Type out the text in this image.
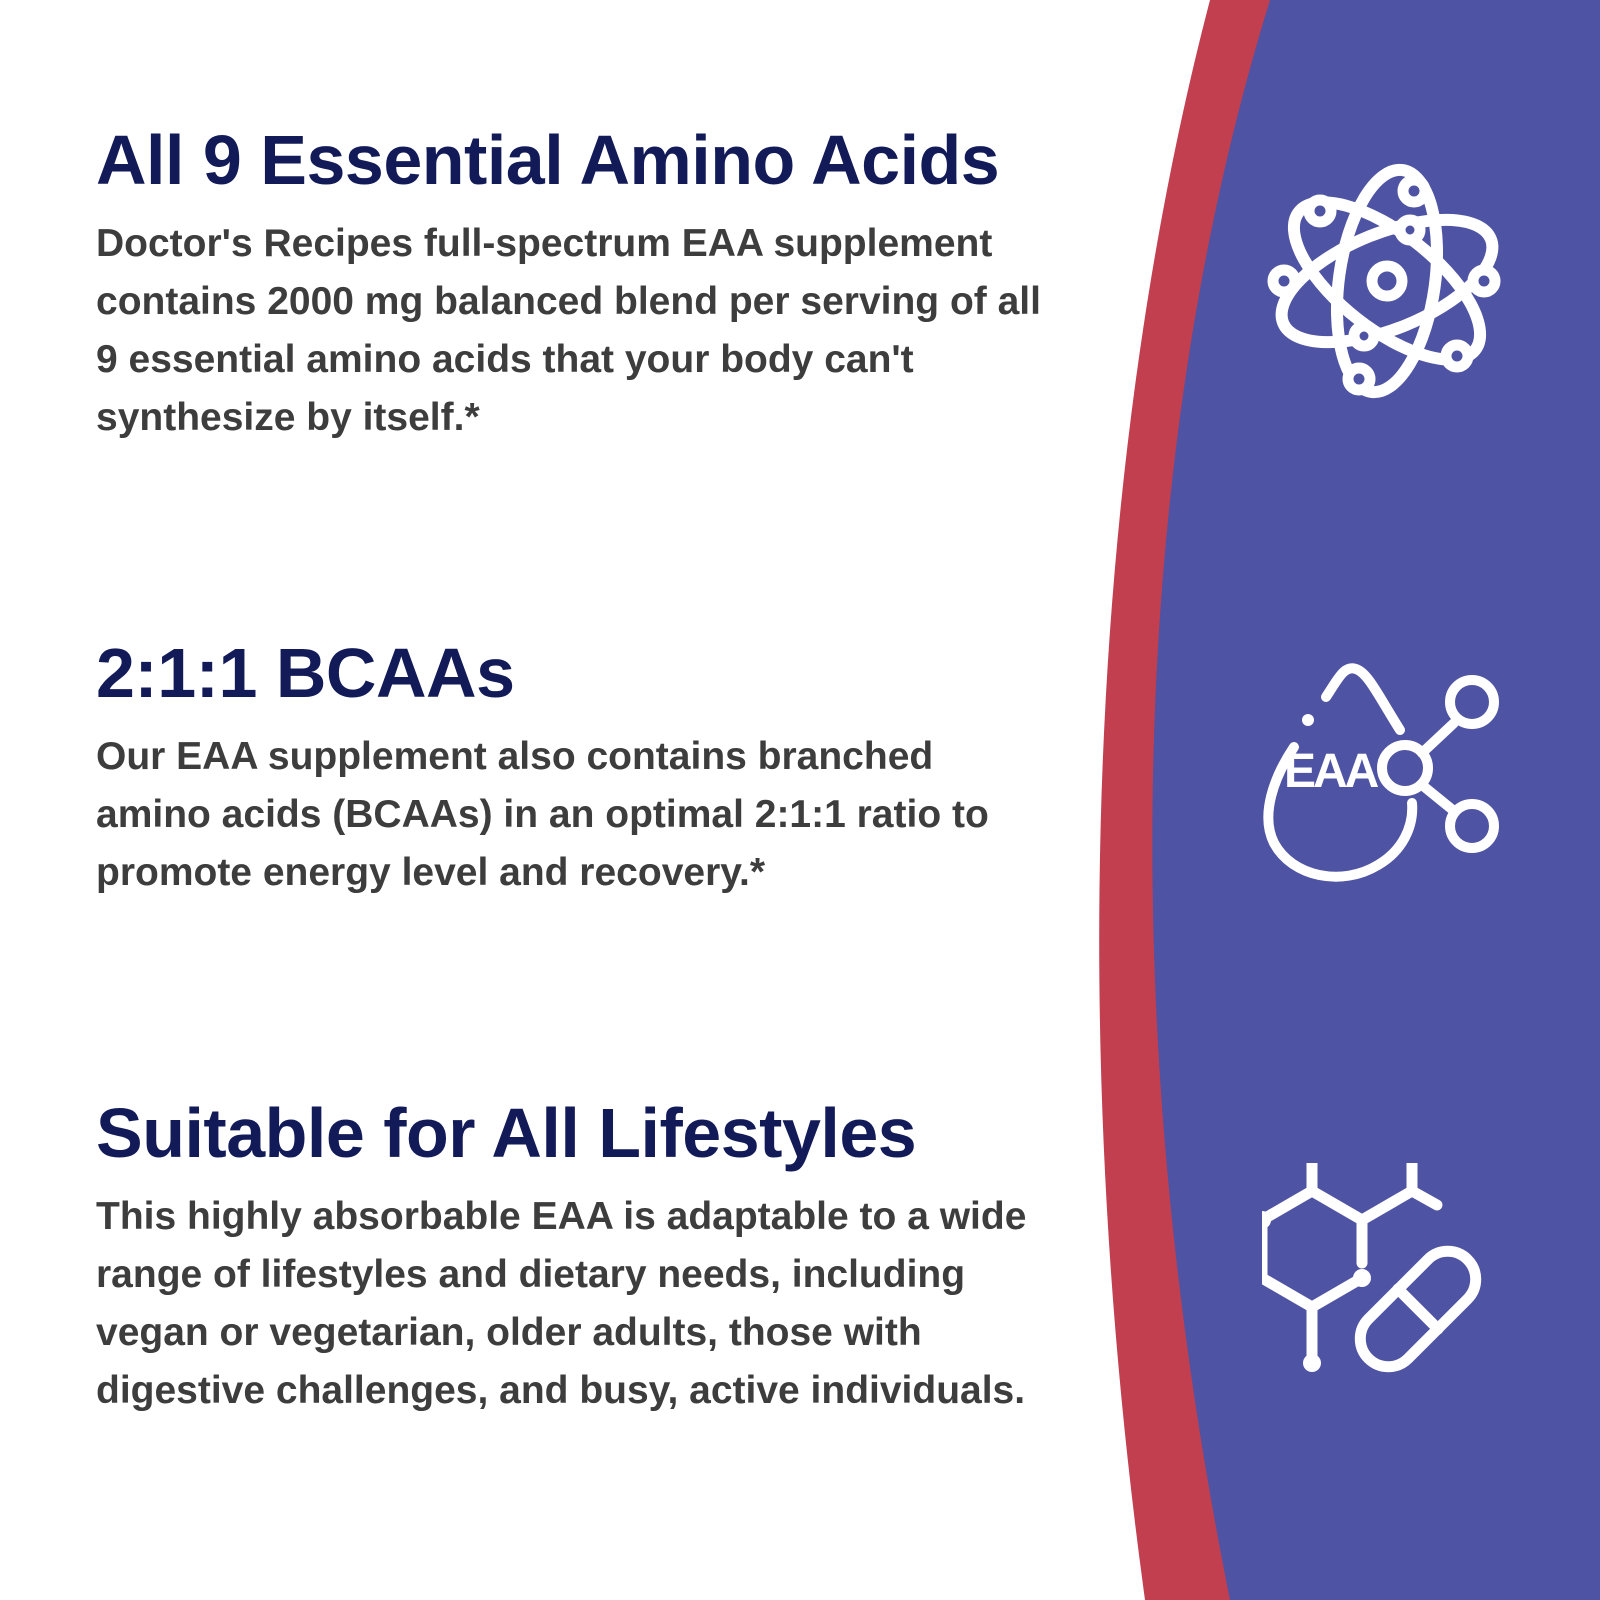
All 9 Essential Amino Acids

Doctor's Recipes full-spectrum EAA supplement contains 2000 mg balanced blend per serving of all 9 essential amino acids that your body can't synthesize by itself.*

2:1:1 BCAAs

Our EAA supplement also contains branched amino acids (BCAAs) in an optimal 2:1:1 ratio to promote energy level and recovery.*

Suitable for All Lifestyles

This highly absorbable EAA is adaptable to a wide range of lifestyles and dietary needs, including vegan or vegetarian, older adults, those with digestive challenges, and busy, active individuals.

EAA
